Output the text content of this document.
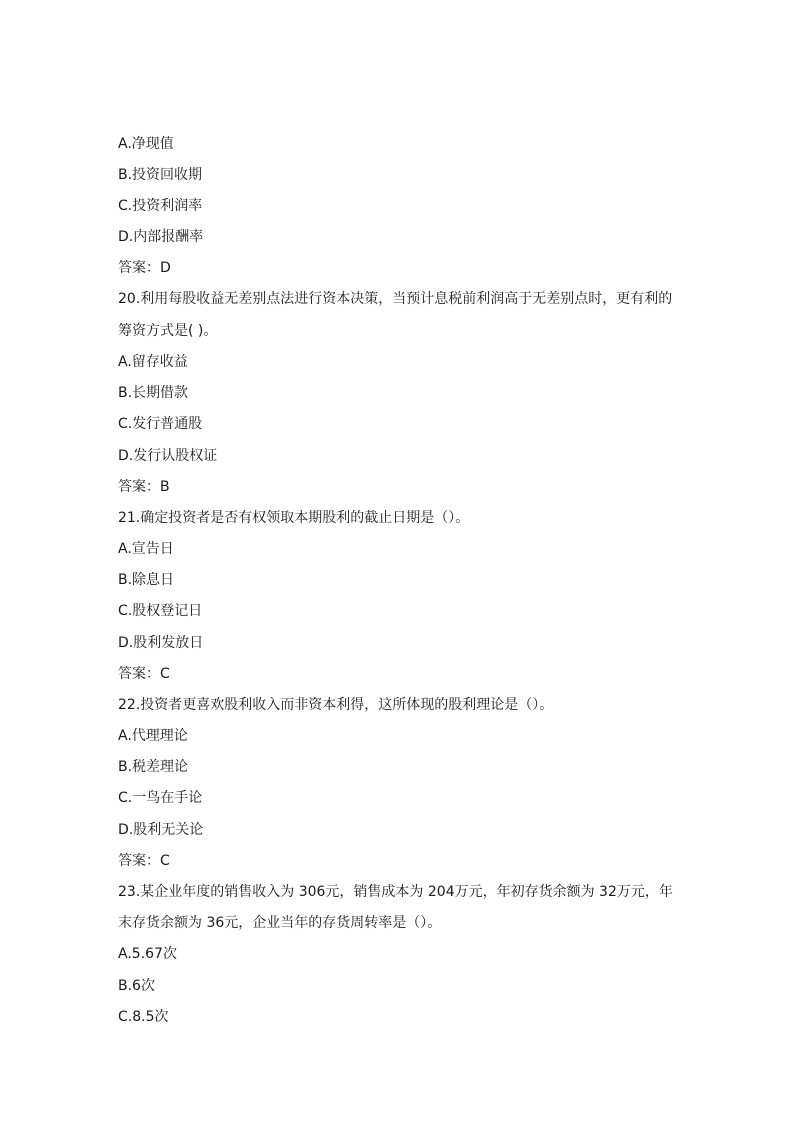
A.净现值
B.投资回收期
C.投资利润率
D.内部报酬率
答案：D
20.利用每股收益无差别点法进行资本决策，当预计息税前利润高于无差别点时，更有利的
筹资方式是( )。
A.留存收益
B.长期借款
C.发行普通股
D.发行认股权证
答案：B
21.确定投资者是否有权领取本期股利的截止日期是（）。
A.宣告日
B.除息日
C.股权登记日
D.股利发放日
答案：C
22.投资者更喜欢股利收入而非资本利得，这所体现的股利理论是（）。
A.代理理论
B.税差理论
C.一鸟在手论
D.股利无关论
答案：C
23.某企业年度的销售收入为 306元，销售成本为 204万元，年初存货余额为 32万元，年
末存货余额为 36元，企业当年的存货周转率是（）。
A.5.67次
B.6次
C.8.5次
